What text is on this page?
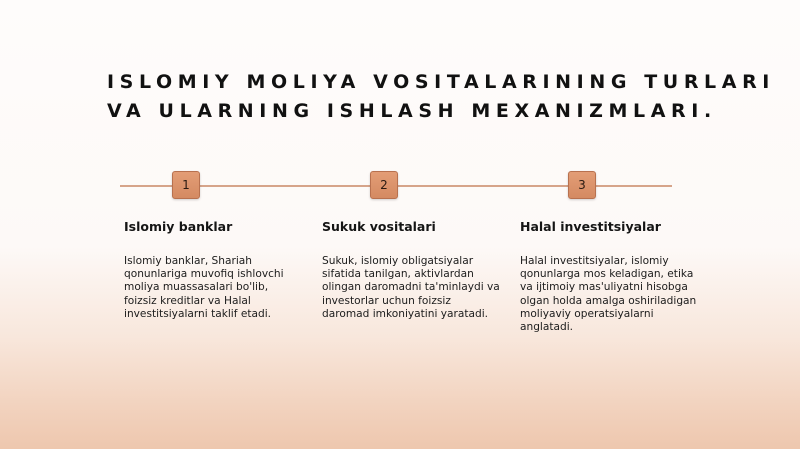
ISLOMIY MOLIYA VOSITALARINING TURLARI
VA ULARNING ISHLASH MEXANIZMLARI.
1	2	3
Islomiy banklar

Islomiy banklar, Shariah qonunlariga muvofiq ishlovchi moliya muassasalari bo'lib, foizsiz kreditlar va Halal investitsiyalarni taklif etadi.

Sukuk vositalari

Sukuk, islomiy obligatsiyalar sifatida tanilgan, aktivlardan olingan daromadni ta'minlaydi va investorlar uchun foizsiz daromad imkoniyatini yaratadi.

Halal investitsiyalar

Halal investitsiyalar, islomiy qonunlarga mos keladigan, etika va ijtimoiy mas'uliyatni hisobga olgan holda amalga oshiriladigan moliyaviy operatsiyalarni anglatadi.
